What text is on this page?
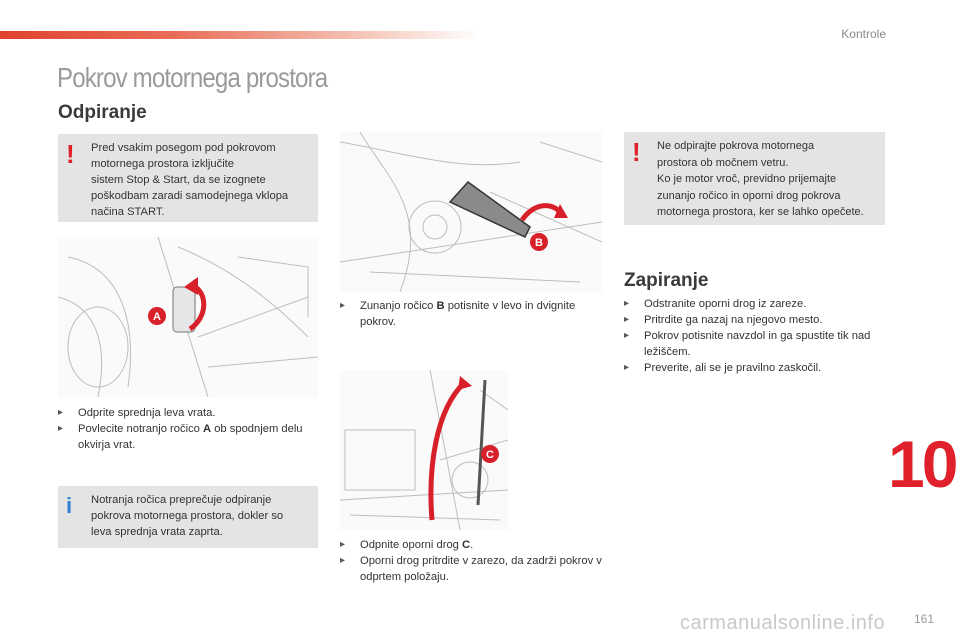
Kontrole
Pokrov motornega prostora
Odpiranje
! Pred vsakim posegom pod pokrovom
motornega prostora izključite
sistem Stop & Start, da se izognete
poškodbam zaradi samodejnega vklopa
načina START.
A
▸ Odprite sprednja leva vrata.
▸ Povlecite notranjo ročico A ob spodnjem delu okvirja vrat.
i Notranja ročica preprečuje odpiranje
pokrova motornega prostora, dokler so
leva sprednja vrata zaprta.
B
▸ Zunanjo ročico B potisnite v levo in dvignite pokrov.
C
▸ Odpnite oporni drog C.
▸ Oporni drog pritrdite v zarezo, da zadrži pokrov v odprtem položaju.
! Ne odpirajte pokrova motornega
prostora ob močnem vetru.
Ko je motor vroč, previdno prijemajte
zunanjo ročico in oporni drog pokrova
motornega prostora, ker se lahko opečete.
Zapiranje
▸ Odstranite oporni drog iz zareze.
▸ Pritrdite ga nazaj na njegovo mesto.
▸ Pokrov potisnite navzdol in ga spustite tik nad ležiščem.
▸ Preverite, ali se je pravilno zaskočil.
10
carmanualsonline.info 161
